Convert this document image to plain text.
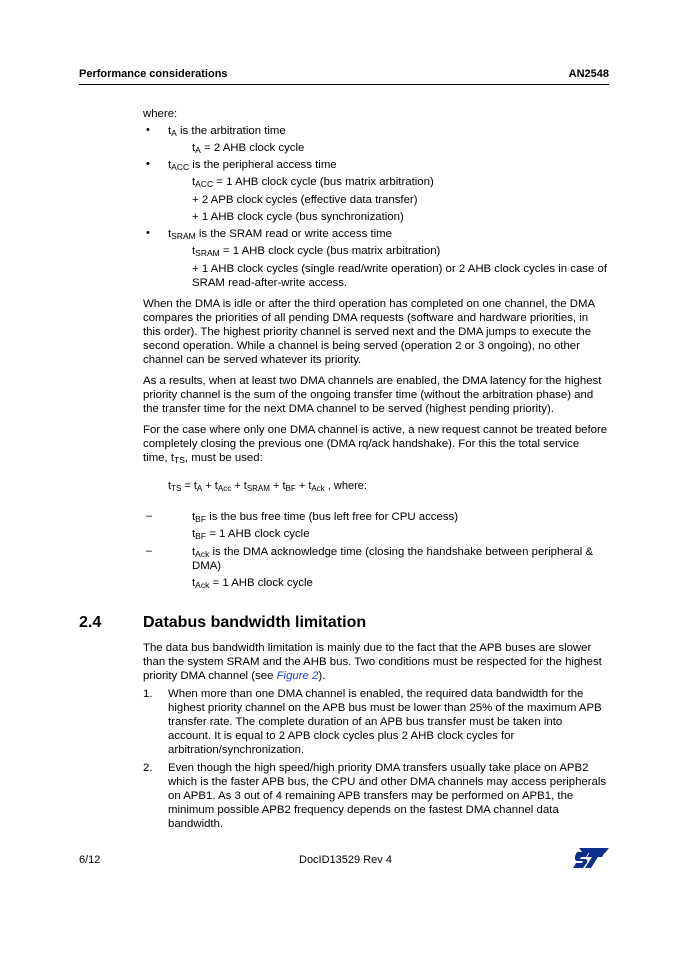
Performance considerations	AN2548
where:
• $t_A$ is the arbitration time
$t_A = 2$ AHB clock cycle
• $t_{ACC}$ is the peripheral access time
$t_{ACC} = 1$ AHB clock cycle (bus matrix arbitration)
+ 2 APB clock cycles (effective data transfer)
+ 1 AHB clock cycle (bus synchronization)
• $t_{SRAM}$ is the SRAM read or write access time
$t_{SRAM} = 1$ AHB clock cycle (bus matrix arbitration)
+ 1 AHB clock cycles (single read/write operation) or 2 AHB clock cycles in case of
SRAM read-after-write access.
When the DMA is idle or after the third operation has completed on one channel, the DMA
compares the priorities of all pending DMA requests (software and hardware priorities, in
this order). The highest priority channel is served next and the DMA jumps to execute the
second operation. While a channel is being served (operation 2 or 3 ongoing), no other
channel can be served whatever its priority.
As a results, when at least two DMA channels are enabled, the DMA latency for the highest
priority channel is the sum of the ongoing transfer time (without the arbitration phase) and
the transfer time for the next DMA channel to be served (highest pending priority).
For the case where only one DMA channel is active, a new request cannot be treated before
completely closing the previous one (DMA rq/ack handshake). For this the total service
time, $t_{TS}$, must be used:
$t_{TS} = t_A + t_{Acc} + t_{SRAM} + t_{BF} + t_{Ack}$ , where:
–	$t_{BF}$ is the bus free time (bus left free for CPU access)
$t_{BF} = 1$ AHB clock cycle
–	$t_{Ack}$ is the DMA acknowledge time (closing the handshake between peripheral &
DMA)
$t_{Ack} = 1$ AHB clock cycle
2.4	Databus bandwidth limitation
The data bus bandwidth limitation is mainly due to the fact that the APB buses are slower
than the system SRAM and the AHB bus. Two conditions must be respected for the highest
priority DMA channel (see Figure 2).
1. When more than one DMA channel is enabled, the required data bandwidth for the
highest priority channel on the APB bus must be lower than 25% of the maximum APB
transfer rate. The complete duration of an APB bus transfer must be taken into
account. It is equal to 2 APB clock cycles plus 2 AHB clock cycles for
arbitration/synchronization.
2. Even though the high speed/high priority DMA transfers usually take place on APB2
which is the faster APB bus, the CPU and other DMA channels may access peripherals
on APB1. As 3 out of 4 remaining APB transfers may be performed on APB1, the
minimum possible APB2 frequency depends on the fastest DMA channel data
bandwidth.
6/12	DocID13529 Rev 4
